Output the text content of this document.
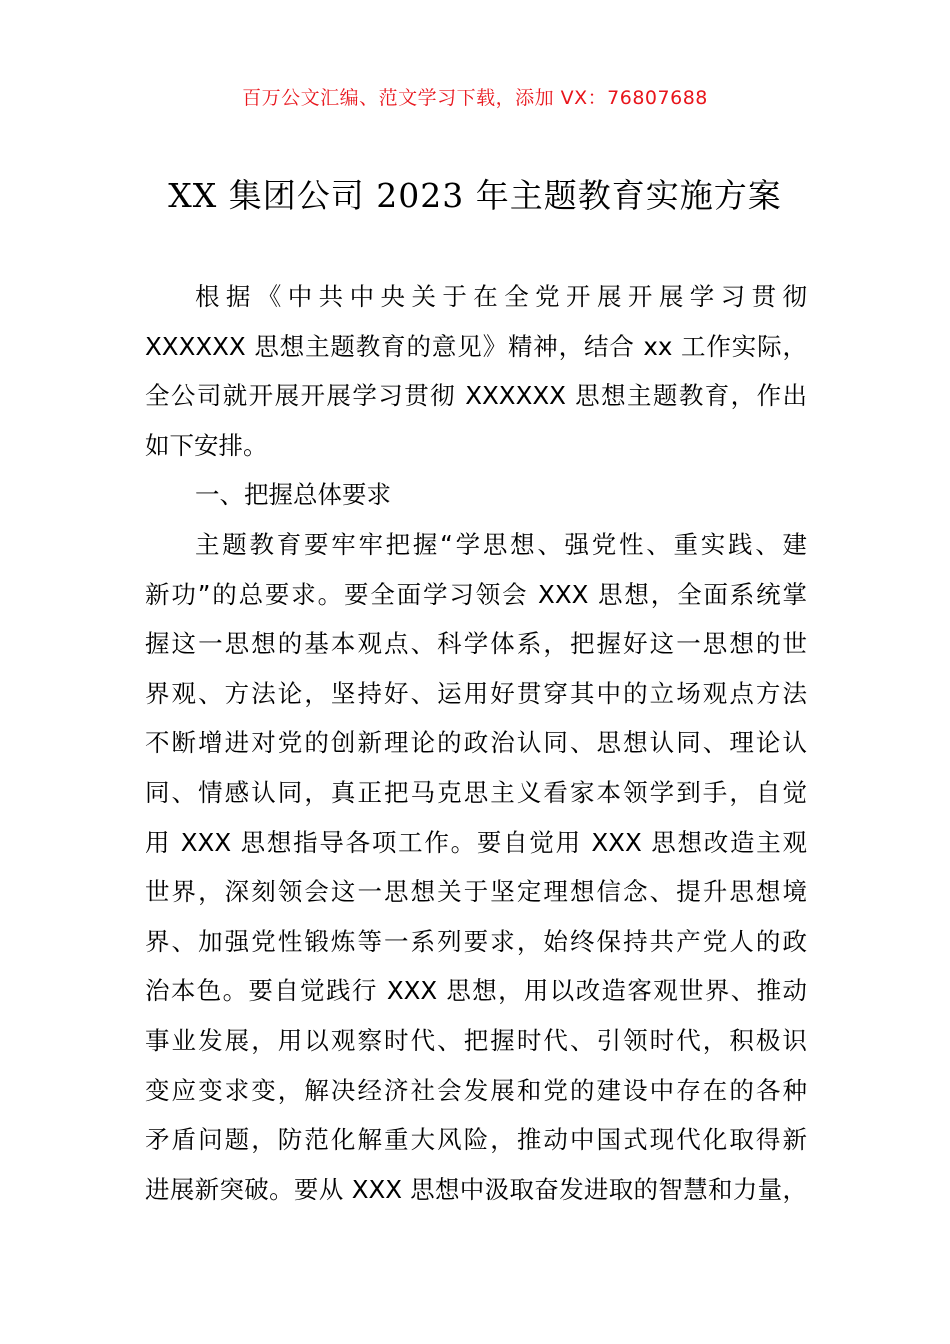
百万公文汇编、范文学习下载，添加 VX：76807688
XX 集团公司 2023 年主题教育实施方案
根据《中共中央关于在全党开展开展学习贯彻
XXXXXX 思想主题教育的意见》精神，结合 xx 工作实际，
全公司就开展开展学习贯彻 XXXXXX 思想主题教育，作出
如下安排。
一、把握总体要求
主题教育要牢牢把握“学思想、强党性、重实践、建
新功”的总要求。要全面学习领会 XXX 思想，全面系统掌
握这一思想的基本观点、科学体系，把握好这一思想的世
界观、方法论，坚持好、运用好贯穿其中的立场观点方法
不断增进对党的创新理论的政治认同、思想认同、理论认
同、情感认同，真正把马克思主义看家本领学到手，自觉
用 XXX 思想指导各项工作。要自觉用 XXX 思想改造主观
世界，深刻领会这一思想关于坚定理想信念、提升思想境
界、加强党性锻炼等一系列要求，始终保持共产党人的政
治本色。要自觉践行 XXX 思想，用以改造客观世界、推动
事业发展，用以观察时代、把握时代、引领时代，积极识
变应变求变，解决经济社会发展和党的建设中存在的各种
矛盾问题，防范化解重大风险，推动中国式现代化取得新
进展新突破。要从 XXX 思想中汲取奋发进取的智慧和力量，
